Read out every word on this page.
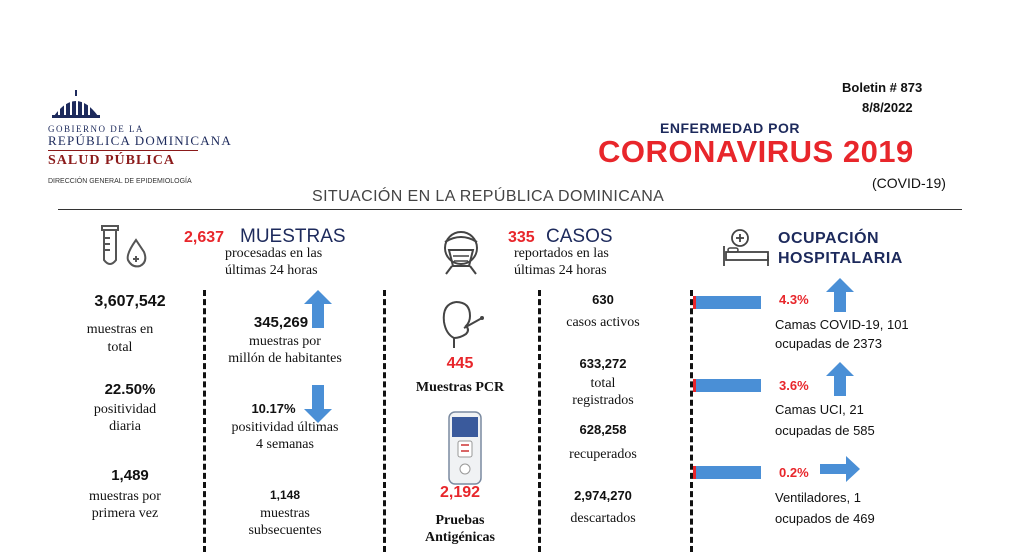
GOBIERNO DE LA
REPÚBLICA DOMINICANA
SALUD PÚBLICA
DIRECCIÓN GENERAL DE EPIDEMIOLOGÍA
Boletin # 873
8/8/2022
ENFERMEDAD POR
CORONAVIRUS 2019
(COVID-19)
SITUACIÓN EN LA REPÚBLICA DOMINICANA
2,637 MUESTRAS
procesadas en las
últimas 24 horas
3,607,542
muestras en
total
22.50%
positividad
diaria
1,489
muestras por
primera vez
345,269
muestras por
millón de habitantes
10.17%
positividad últimas
4 semanas
1,148
muestras
subsecuentes
335 CASOS
reportados en las
últimas 24 horas
445
Muestras PCR
2,192
Pruebas
Antigénicas
630
casos activos
633,272
total
registrados
628,258
recuperados
2,974,270
descartados
OCUPACIÓN
HOSPITALARIA
4.3%
Camas COVID-19, 101
ocupadas de 2373
3.6%
Camas UCI, 21
ocupadas de 585
0.2%
Ventiladores, 1
ocupados de 469
